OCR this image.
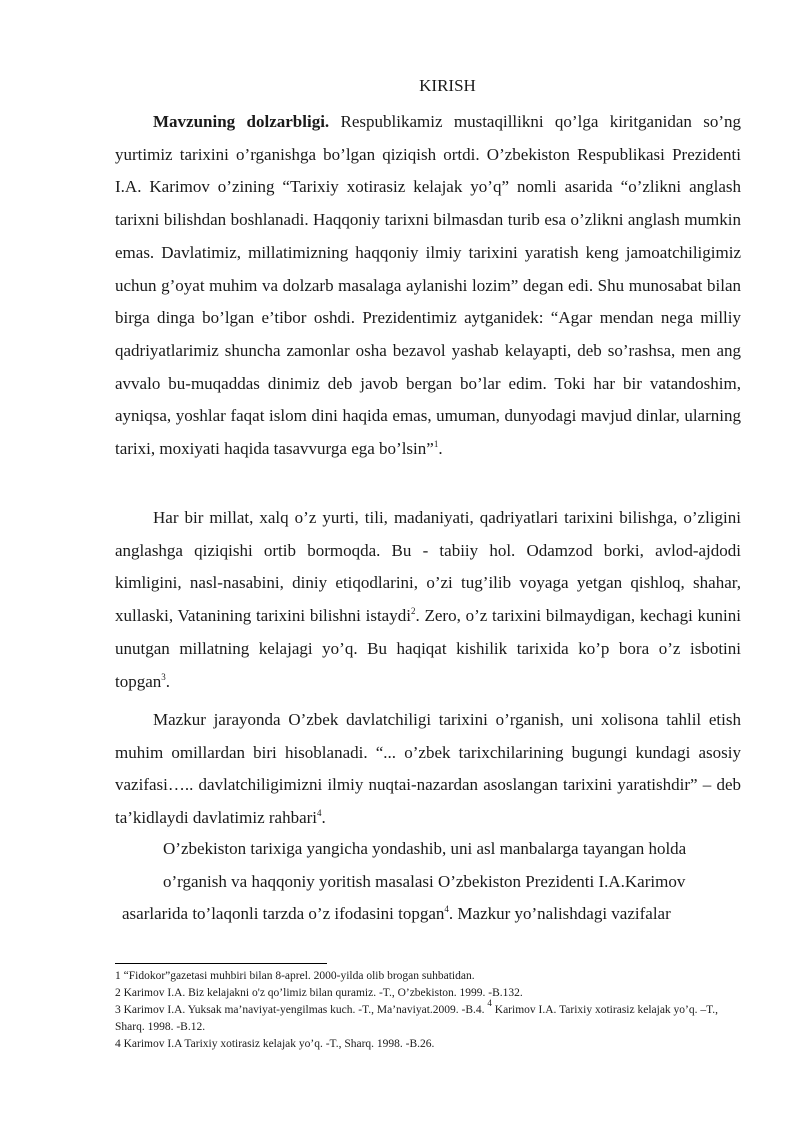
KIRISH

Mavzuning dolzarbligi. Respublikamiz mustaqillikni qo’lga kiritganidan so’ng yurtimiz tarixini o’rganishga bo’lgan qiziqish ortdi. O’zbekiston Respublikasi Prezidenti I.A. Karimov o’zining “Tarixiy xotirasiz kelajak yo’q” nomli asarida “o’zlikni anglash tarixni bilishdan boshlanadi. Haqqoniy tarixni bilmasdan turib esa o’zlikni anglash mumkin emas. Davlatimiz, millatimizning haqqoniy ilmiy tarixini yaratish keng jamoatchiligimiz uchun g’oyat muhim va dolzarb masalaga aylanishi lozim” degan edi. Shu munosabat bilan birga dinga bo’lgan e’tibor oshdi. Prezidentimiz aytganidek: “Agar mendan nega milliy qadriyatlarimiz shuncha zamonlar osha bezavol yashab kelayapti, deb so’rashsa, men ang avvalo bu-muqaddas dinimiz deb javob bergan bo’lar edim. Toki har bir vatandoshim, ayniqsa, yoshlar faqat islom dini haqida emas, umuman, dunyodagi mavjud dinlar, ularning tarixi, moxiyati haqida tasavvurga ega bo’lsin”$^1$.

Har bir millat, xalq o’z yurti, tili, madaniyati, qadriyatlari tarixini bilishga, o’zligini anglashga qiziqishi ortib bormoqda. Bu - tabiiy hol. Odamzod borki, avlod-ajdodi kimligini, nasl-nasabini, diniy etiqodlarini, o’zi tug’ilib voyaga yetgan qishloq, shahar, xullaski, Vatanining tarixini bilishni istaydi$^2$. Zero, o’z tarixini bilmaydigan, kechagi kunini unutgan millatning kelajagi yo’q. Bu haqiqat kishilik tarixida ko’p bora o’z isbotini topgan$^3$.

Mazkur jarayonda O’zbek davlatchiligi tarixini o’rganish, uni xolisona tahlil etish muhim omillardan biri hisoblanadi. “... o’zbek tarixchilarining bugungi kundagi asosiy vazifasi….. davlatchiligimizni ilmiy nuqtai-nazardan asoslangan tarixini yaratishdir” – deb ta’kidlaydi davlatimiz rahbari$^4$.

O’zbekiston tarixiga yangicha yondashib, uni asl manbalarga tayangan holda
o’rganish va haqqoniy yoritish masalasi O’zbekiston Prezidenti I.A.Karimov
asarlarida to’laqonli tarzda o’z ifodasini topgan$^4$. Mazkur yo’nalishdagi vazifalar
1 “Fidokor”gazetasi muhbiri bilan 8-aprel. 2000-yilda olib brogan suhbatidan.
2 Karimov I.A. Biz kelajakni o'z qo’limiz bilan quramiz. -T., O’zbekiston. 1999. -B.132.
3 Karimov I.A. Yuksak ma’naviyat-yengilmas kuch. -T., Ma’naviyat.2009. -B.4. $^4$ Karimov I.A. Tarixiy xotirasiz kelajak yo’q. –T., Sharq. 1998. -B.12.
4 Karimov I.A Tarixiy xotirasiz kelajak yo’q. -T., Sharq. 1998. -B.26.
